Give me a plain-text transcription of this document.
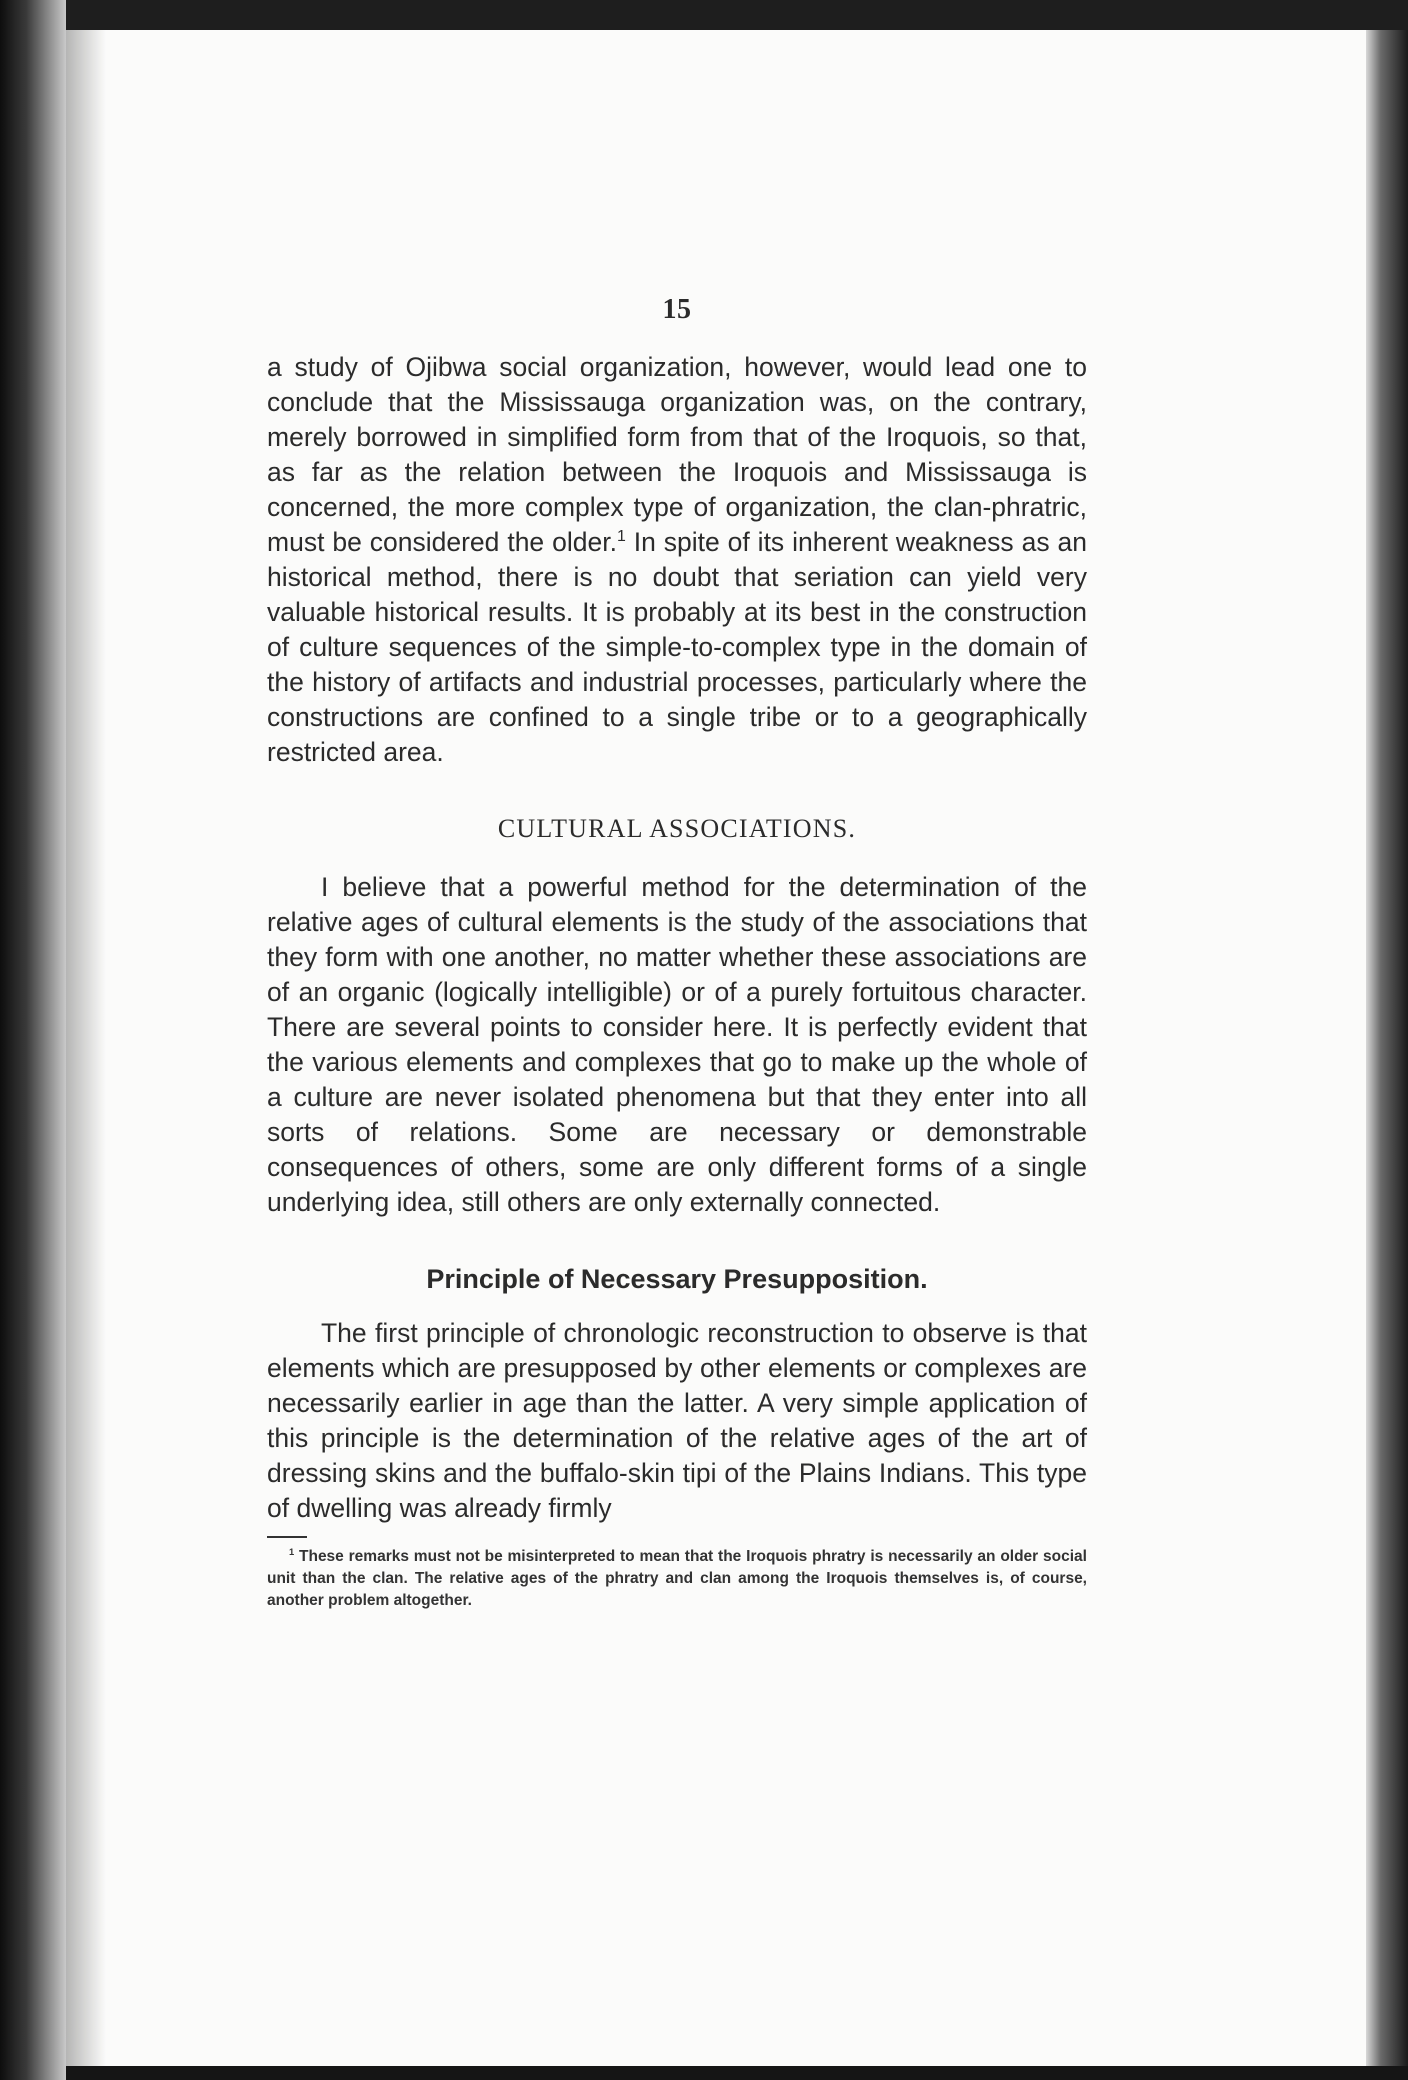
15

a study of Ojibwa social organization, however, would lead one to conclude that the Mississauga organization was, on the contrary, merely borrowed in simplified form from that of the Iroquois, so that, as far as the relation between the Iroquois and Mississauga is concerned, the more complex type of organization, the clan-phratric, must be considered the older.$^1$ In spite of its inherent weakness as an historical method, there is no doubt that seriation can yield very valuable historical results. It is probably at its best in the construction of culture sequences of the simple-to-complex type in the domain of the history of artifacts and industrial processes, particularly where the constructions are confined to a single tribe or to a geographically restricted area.

CULTURAL ASSOCIATIONS.

I believe that a powerful method for the determination of the relative ages of cultural elements is the study of the associations that they form with one another, no matter whether these associations are of an organic (logically intelligible) or of a purely fortuitous character. There are several points to consider here. It is perfectly evident that the various elements and complexes that go to make up the whole of a culture are never isolated phenomena but that they enter into all sorts of relations. Some are necessary or demonstrable consequences of others, some are only different forms of a single underlying idea, still others are only externally connected.

Principle of Necessary Presupposition.

The first principle of chronologic reconstruction to observe is that elements which are presupposed by other elements or complexes are necessarily earlier in age than the latter. A very simple application of this principle is the determination of the relative ages of the art of dressing skins and the buffalo-skin tipi of the Plains Indians. This type of dwelling was already firmly

$^1$ These remarks must not be misinterpreted to mean that the Iroquois phratry is necessarily an older social unit than the clan. The relative ages of the phratry and clan among the Iroquois themselves is, of course, another problem altogether.
